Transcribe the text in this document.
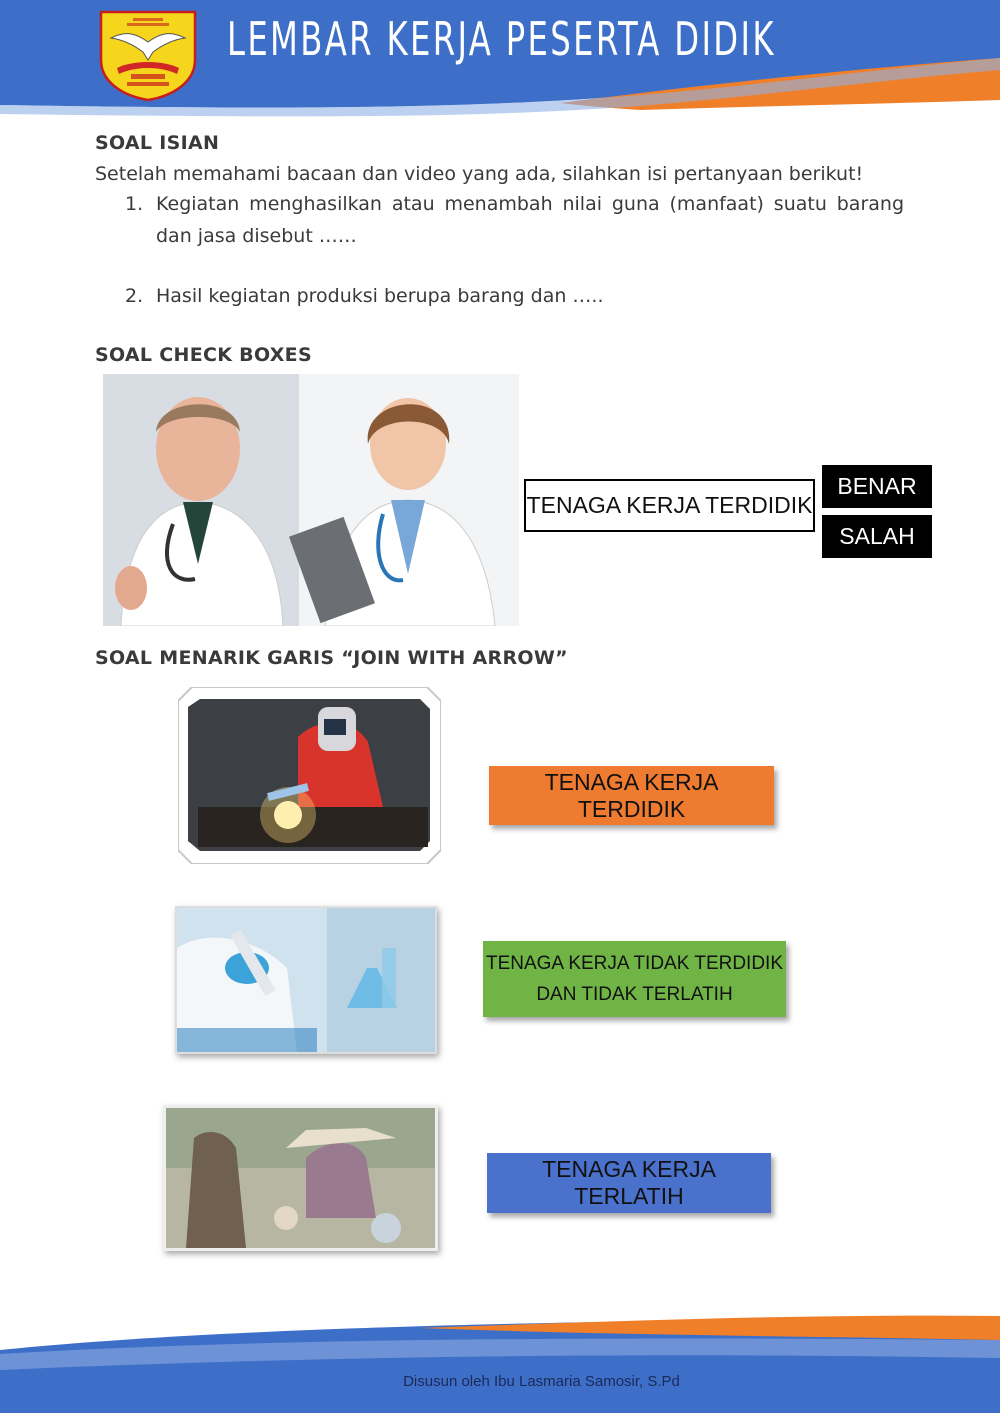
LEMBAR KERJA PESERTA DIDIK
SOAL ISIAN
Setelah memahami bacaan dan video yang ada, silahkan isi pertanyaan berikut!
1. Kegiatan menghasilkan atau menambah nilai guna (manfaat) suatu barang dan jasa disebut ……
2. Hasil kegiatan produksi berupa barang dan …..
SOAL CHECK BOXES
TENAGA KERJA TERDIDIK
BENAR
SALAH
SOAL MENARIK GARIS “JOIN WITH ARROW”
TENAGA KERJA TERDIDIK
TENAGA KERJA TIDAK TERDIDIK DAN TIDAK TERLATIH
TENAGA KERJA TERLATIH
Disusun oleh Ibu Lasmaria Samosir, S.Pd
